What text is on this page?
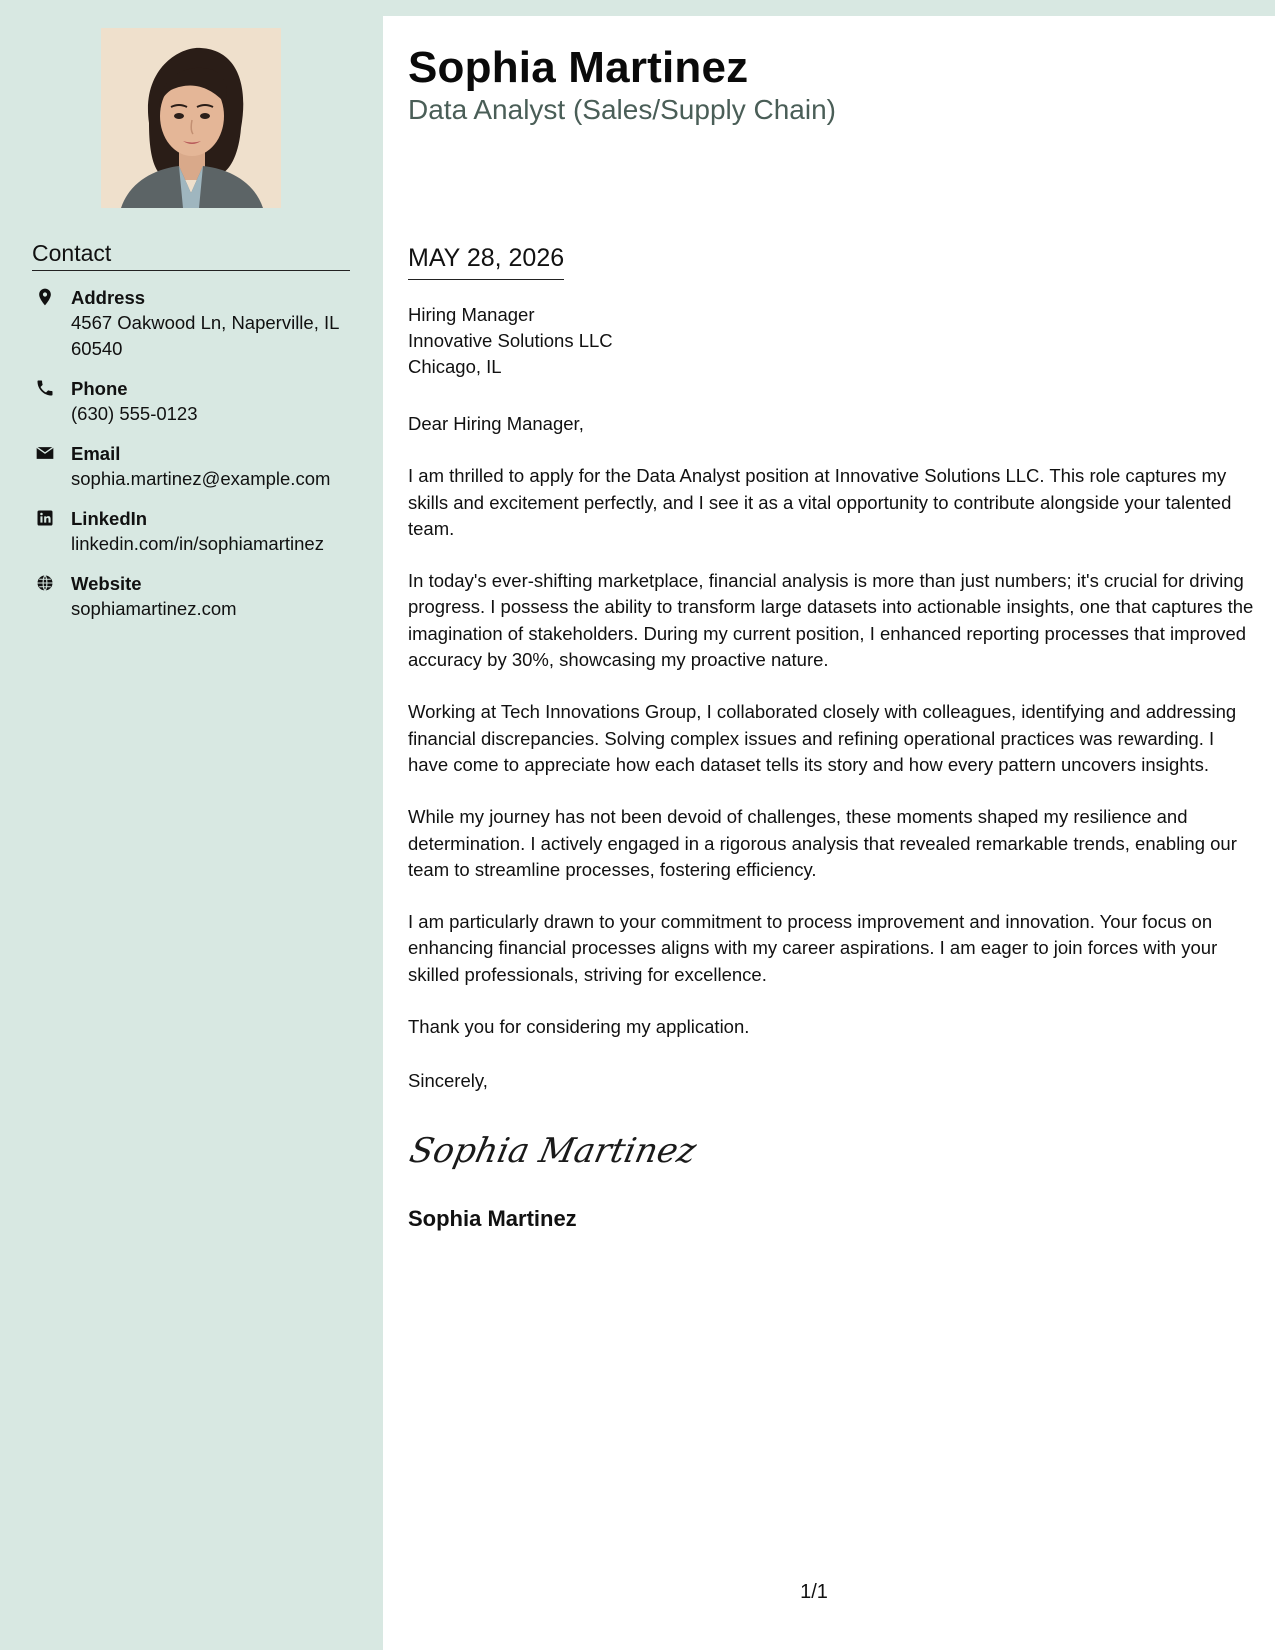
Contact
Address
4567 Oakwood Ln, Naperville, IL 60540
Phone
(630) 555-0123
Email
sophia.martinez@example.com
LinkedIn
linkedin.com/in/sophiamartinez
Website
sophiamartinez.com
Sophia Martinez
Data Analyst (Sales/Supply Chain)
MAY 28, 2026
Hiring Manager
Innovative Solutions LLC
Chicago, IL

Dear Hiring Manager,

I am thrilled to apply for the Data Analyst position at Innovative Solutions LLC. This role captures my skills and excitement perfectly, and I see it as a vital opportunity to contribute alongside your talented team.

In today's ever-shifting marketplace, financial analysis is more than just numbers; it's crucial for driving progress. I possess the ability to transform large datasets into actionable insights, one that captures the imagination of stakeholders. During my current position, I enhanced reporting processes that improved accuracy by 30%, showcasing my proactive nature.

Working at Tech Innovations Group, I collaborated closely with colleagues, identifying and addressing financial discrepancies. Solving complex issues and refining operational practices was rewarding. I have come to appreciate how each dataset tells its story and how every pattern uncovers insights.

While my journey has not been devoid of challenges, these moments shaped my resilience and determination. I actively engaged in a rigorous analysis that revealed remarkable trends, enabling our team to streamline processes, fostering efficiency.

I am particularly drawn to your commitment to process improvement and innovation. Your focus on enhancing financial processes aligns with my career aspirations. I am eager to join forces with your skilled professionals, striving for excellence.

Thank you for considering my application.

Sincerely,
Sophia Martinez
Sophia Martinez
1/1
